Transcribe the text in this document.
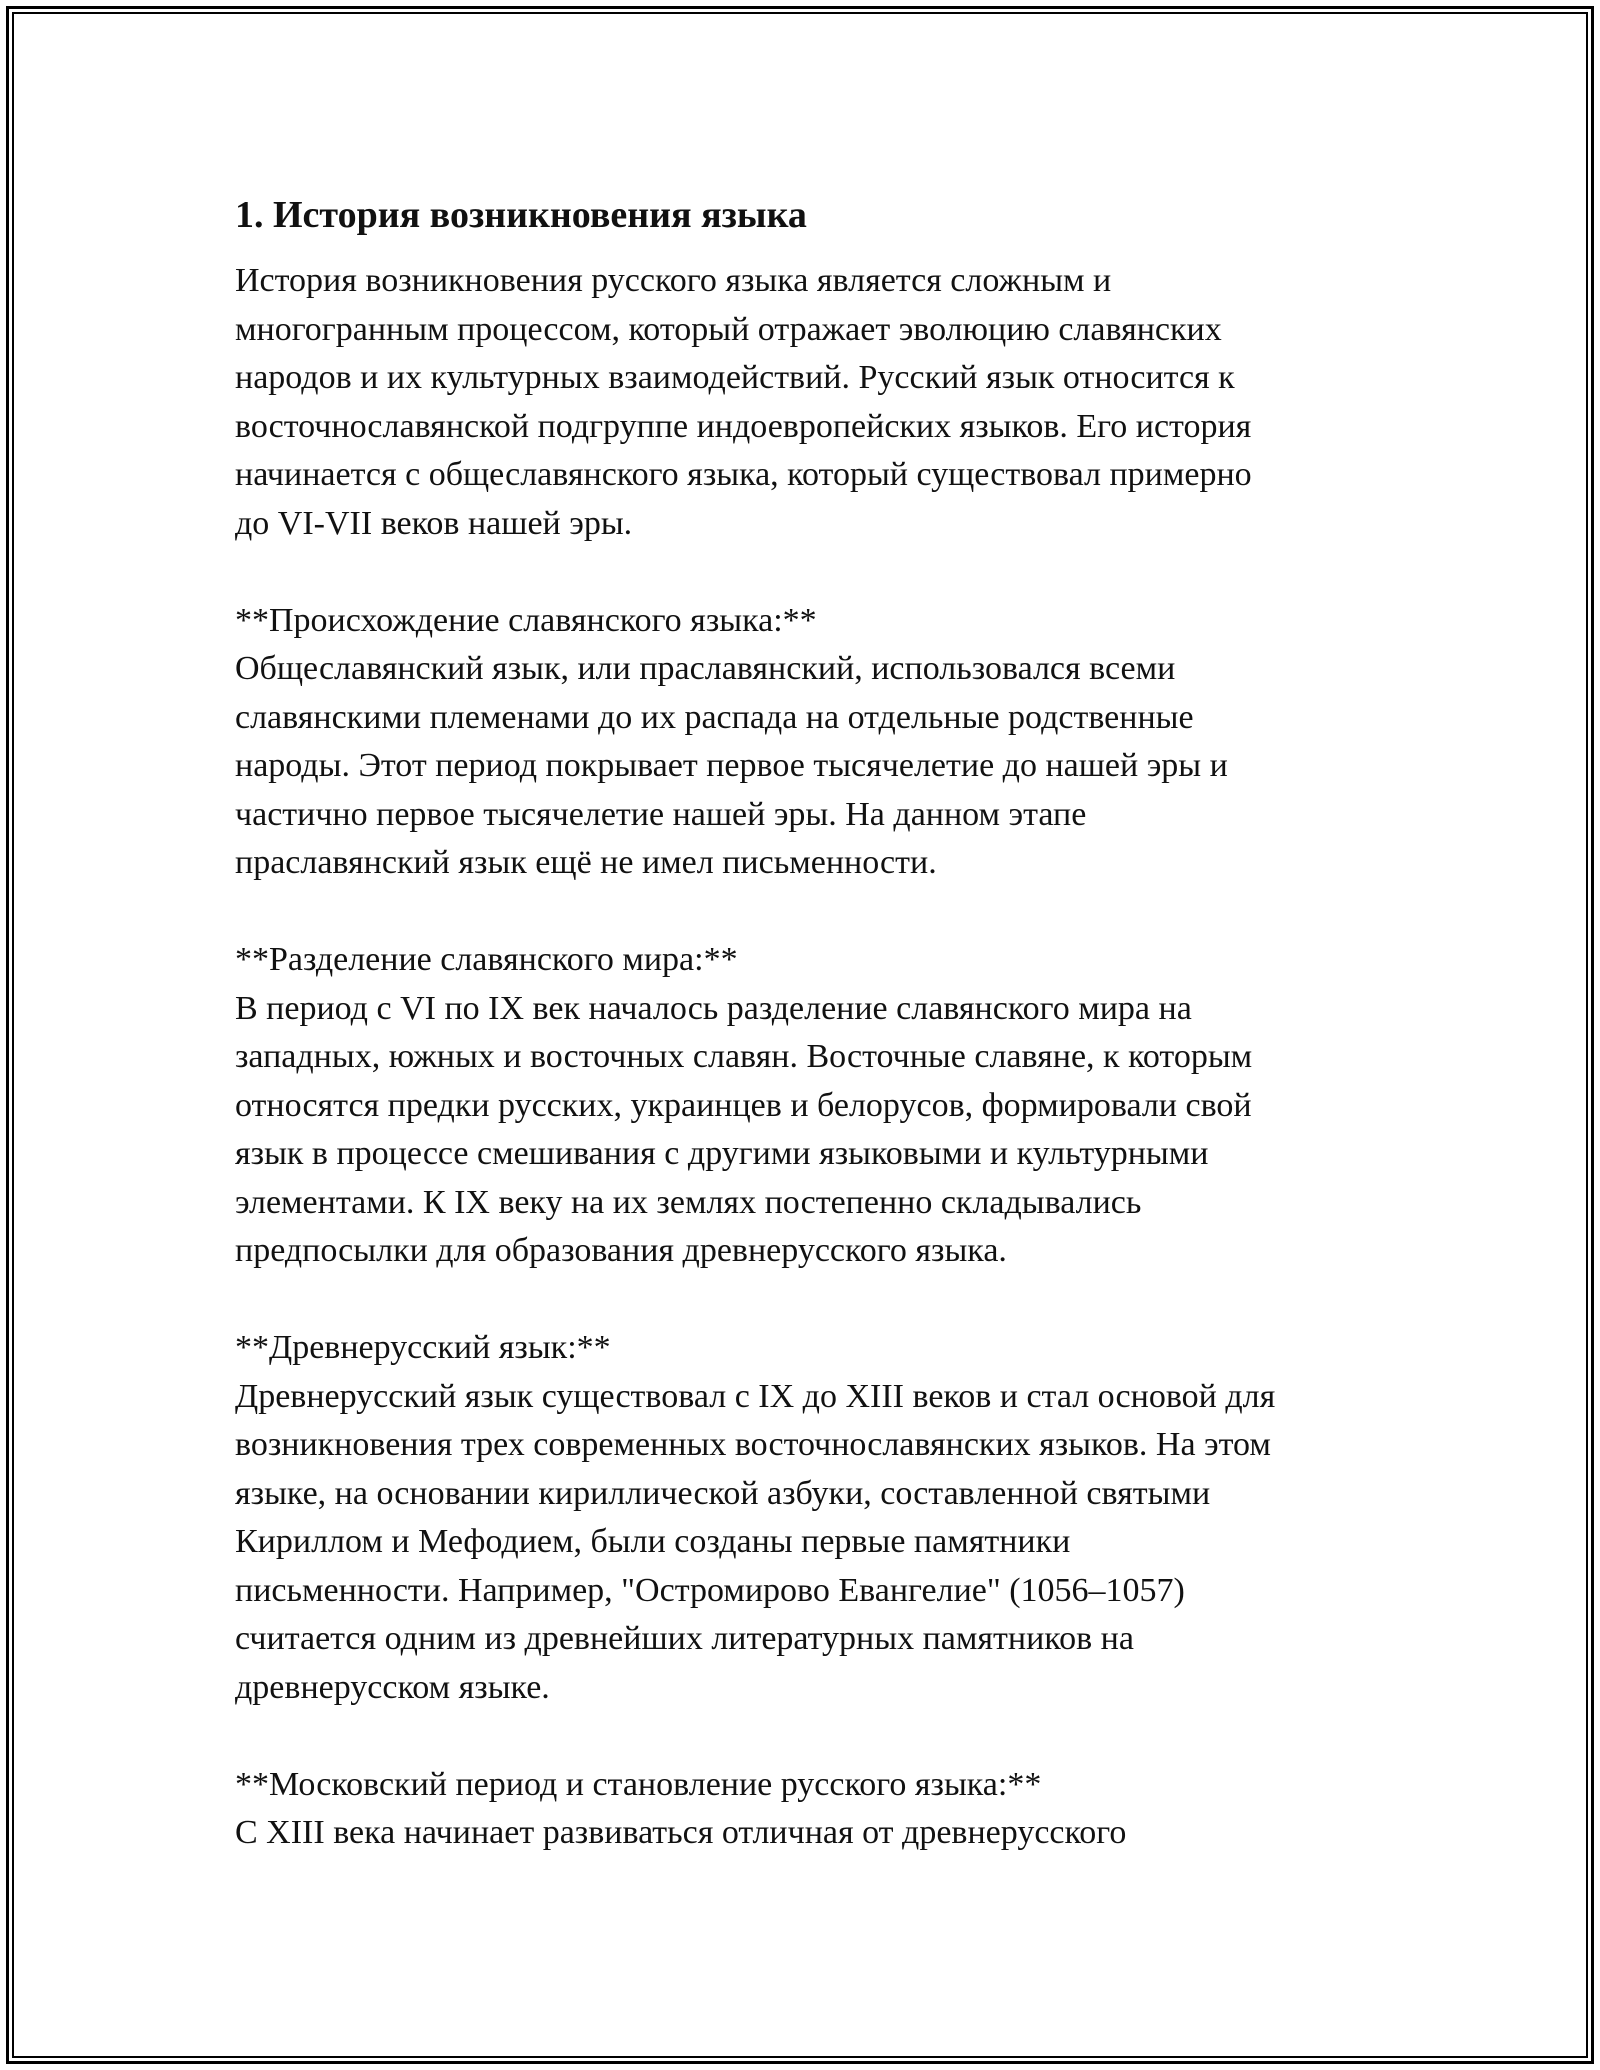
1. История возникновения языка

История возникновения русского языка является сложным и
многогранным процессом, который отражает эволюцию славянских
народов и их культурных взаимодействий. Русский язык относится к
восточнославянской подгруппе индоевропейских языков. Его история
начинается с общеславянского языка, который существовал примерно
до VI-VII веков нашей эры.

**Происхождение славянского языка:**

Общеславянский язык, или праславянский, использовался всеми
славянскими племенами до их распада на отдельные родственные
народы. Этот период покрывает первое тысячелетие до нашей эры и
частично первое тысячелетие нашей эры. На данном этапе
праславянский язык ещё не имел письменности.

**Разделение славянского мира:**

В период с VI по IX век началось разделение славянского мира на
западных, южных и восточных славян. Восточные славяне, к которым
относятся предки русских, украинцев и белорусов, формировали свой
язык в процессе смешивания с другими языковыми и культурными
элементами. К IX веку на их землях постепенно складывались
предпосылки для образования древнерусского языка.

**Древнерусский язык:**

Древнерусский язык существовал с IX до XIII веков и стал основой для
возникновения трех современных восточнославянских языков. На этом
языке, на основании кириллической азбуки, составленной святыми
Кириллом и Мефодием, были созданы первые памятники
письменности. Например, "Остромирово Евангелие" (1056–1057)
считается одним из древнейших литературных памятников на
древнерусском языке.

**Московский период и становление русского языка:**

С XIII века начинает развиваться отличная от древнерусского
